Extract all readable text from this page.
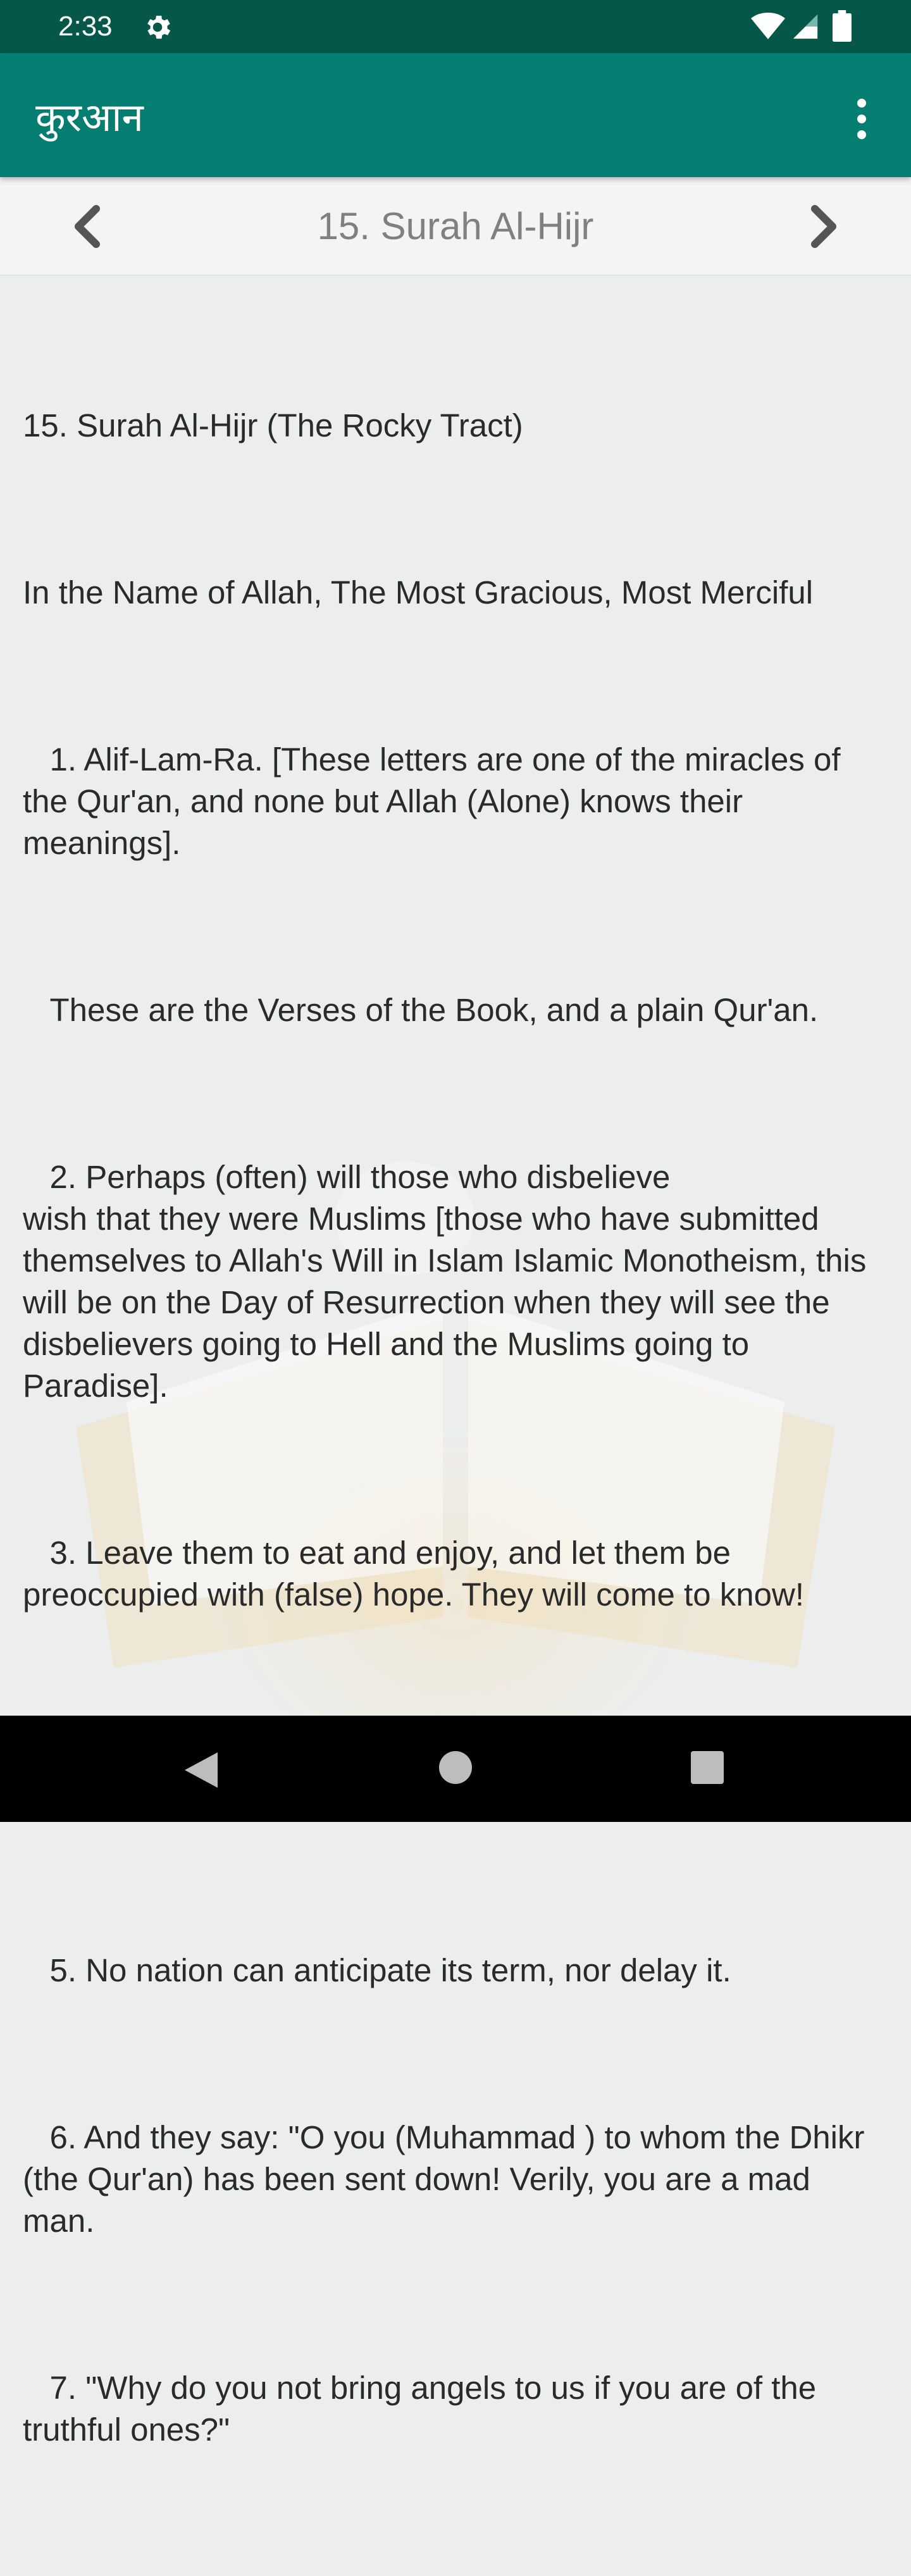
2:33
कुरआन
15. Surah Al-Hijr

15. Surah Al-Hijr (The Rocky Tract)

In the Name of Allah, The Most Gracious, Most Merciful

1. Alif-Lam-Ra. [These letters are one of the miracles of the Qur'an, and none but Allah (Alone) knows their meanings].

These are the Verses of the Book, and a plain Qur'an.

2. Perhaps (often) will those who disbelieve
wish that they were Muslims [those who have submitted themselves to Allah's Will in Islam Islamic Monotheism, this will be on the Day of Resurrection when they will see the disbelievers going to Hell and the Muslims going to Paradise].

3. Leave them to eat and enjoy, and let them be preoccupied with (false) hope. They will come to know!

5. No nation can anticipate its term, nor delay it.

6. And they say: "O you (Muhammad ) to whom the Dhikr (the Qur'an) has been sent down! Verily, you are a mad man.

7. "Why do you not bring angels to us if you are of the truthful ones?"
